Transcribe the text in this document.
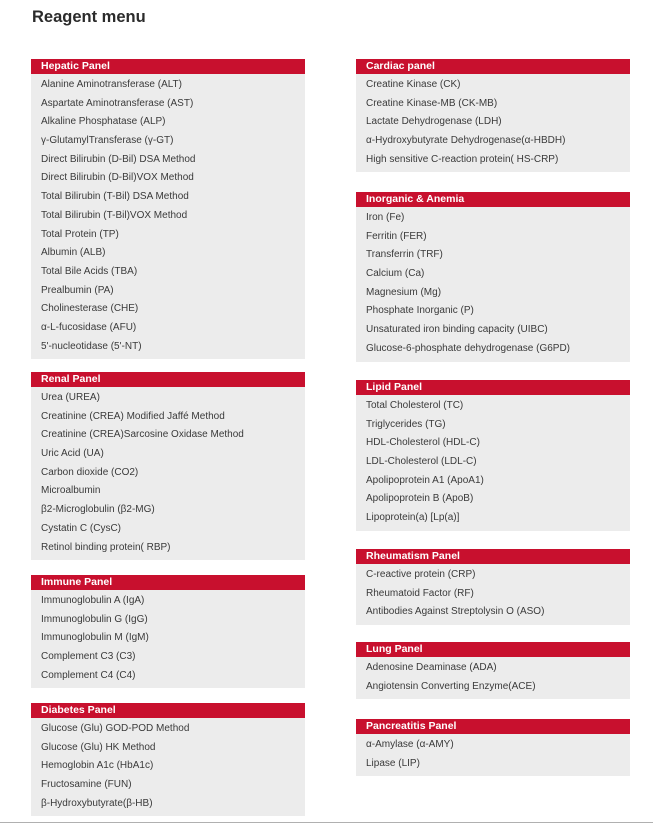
Reagent menu
Hepatic Panel
Alanine Aminotransferase (ALT)
Aspartate Aminotransferase (AST)
Alkaline Phosphatase (ALP)
γ-GlutamylTransferase (γ-GT)
Direct Bilirubin (D-Bil) DSA Method
Direct Bilirubin (D-Bil)VOX Method
Total Bilirubin (T-Bil) DSA Method
Total Bilirubin (T-Bil)VOX Method
Total Protein (TP)
Albumin (ALB)
Total Bile Acids (TBA)
Prealbumin (PA)
Cholinesterase (CHE)
α-L-fucosidase (AFU)
5'-nucleotidase (5'-NT)
Renal Panel
Urea (UREA)
Creatinine (CREA) Modified Jaffé Method
Creatinine (CREA)Sarcosine Oxidase Method
Uric Acid (UA)
Carbon dioxide (CO2)
Microalbumin
β2-Microglobulin (β2-MG)
Cystatin C (CysC)
Retinol binding protein( RBP)
Immune Panel
Immunoglobulin A (IgA)
Immunoglobulin G (IgG)
Immunoglobulin M (IgM)
Complement C3 (C3)
Complement C4 (C4)
Diabetes Panel
Glucose (Glu) GOD-POD Method
Glucose (Glu) HK Method
Hemoglobin A1c (HbA1c)
Fructosamine (FUN)
β-Hydroxybutyrate(β-HB)
Cardiac panel
Creatine Kinase (CK)
Creatine Kinase-MB (CK-MB)
Lactate Dehydrogenase (LDH)
α-Hydroxybutyrate Dehydrogenase(α-HBDH)
High sensitive C-reaction protein( HS-CRP)
Inorganic & Anemia
Iron (Fe)
Ferritin (FER)
Transferrin (TRF)
Calcium (Ca)
Magnesium (Mg)
Phosphate Inorganic (P)
Unsaturated iron binding capacity (UIBC)
Glucose-6-phosphate dehydrogenase (G6PD)
Lipid Panel
Total Cholesterol (TC)
Triglycerides (TG)
HDL-Cholesterol (HDL-C)
LDL-Cholesterol (LDL-C)
Apolipoprotein A1 (ApoA1)
Apolipoprotein B (ApoB)
Lipoprotein(a) [Lp(a)]
Rheumatism Panel
C-reactive protein (CRP)
Rheumatoid Factor (RF)
Antibodies Against Streptolysin O (ASO)
Lung Panel
Adenosine Deaminase (ADA)
Angiotensin Converting Enzyme(ACE)
Pancreatitis Panel
α-Amylase (α-AMY)
Lipase (LIP)
